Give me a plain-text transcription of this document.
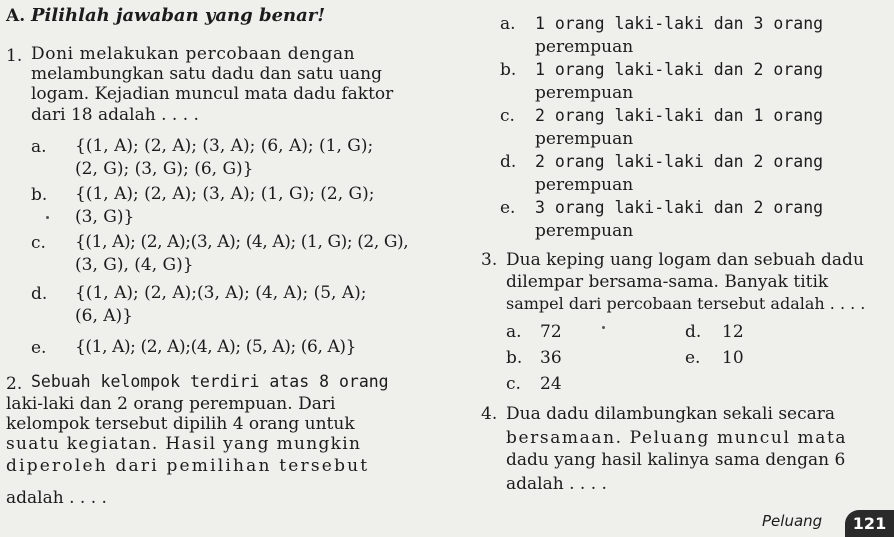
A. Pilihlah jawaban yang benar!
1. Doni melakukan percobaan dengan
melambungkan satu dadu dan satu uang
logam. Kejadian muncul mata dadu faktor
dari 18 adalah . . . .
a. {(1, A); (2, A); (3, A); (6, A); (1, G);
(2, G); (3, G); (6, G)}
b. {(1, A); (2, A); (3, A); (1, G); (2, G);
(3, G)}
c. {(1, A); (2, A);(3, A); (4, A); (1, G); (2, G),
(3, G), (4, G)}
d. {(1, A); (2, A);(3, A); (4, A); (5, A);
(6, A)}
e. {(1, A); (2, A);(4, A); (5, A); (6, A)}
2. Sebuah kelompok terdiri atas 8 orang
laki-laki dan 2 orang perempuan. Dari
kelompok tersebut dipilih 4 orang untuk
suatu kegiatan. Hasil yang mungkin
diperoleh dari pemilihan tersebut
adalah . . . .
a. 1 orang laki-laki dan 3 orang
perempuan
b. 1 orang laki-laki dan 2 orang
perempuan
c. 2 orang laki-laki dan 1 orang
perempuan
d. 2 orang laki-laki dan 2 orang
perempuan
e. 3 orang laki-laki dan 2 orang
perempuan
3. Dua keping uang logam dan sebuah dadu
dilempar bersama-sama. Banyak titik
sampel dari percobaan tersebut adalah . . . .
a. 72
b. 36
c. 24
d. 12
e. 10
4. Dua dadu dilambungkan sekali secara
bersamaan. Peluang muncul mata
dadu yang hasil kalinya sama dengan 6
adalah . . . .
Peluang	121
